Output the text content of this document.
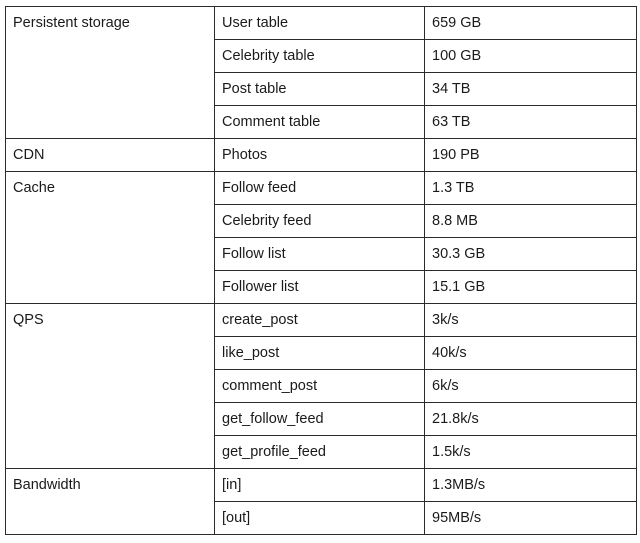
Persistent storage	User table	659 GB
	Celebrity table	100 GB
	Post table	34 TB
	Comment table	63 TB
CDN	Photos	190 PB
Cache	Follow feed	1.3 TB
	Celebrity feed	8.8 MB
	Follow list	30.3 GB
	Follower list	15.1 GB
QPS	create_post	3k/s
	like_post	40k/s
	comment_post	6k/s
	get_follow_feed	21.8k/s
	get_profile_feed	1.5k/s
Bandwidth	[in]	1.3MB/s
	[out]	95MB/s
